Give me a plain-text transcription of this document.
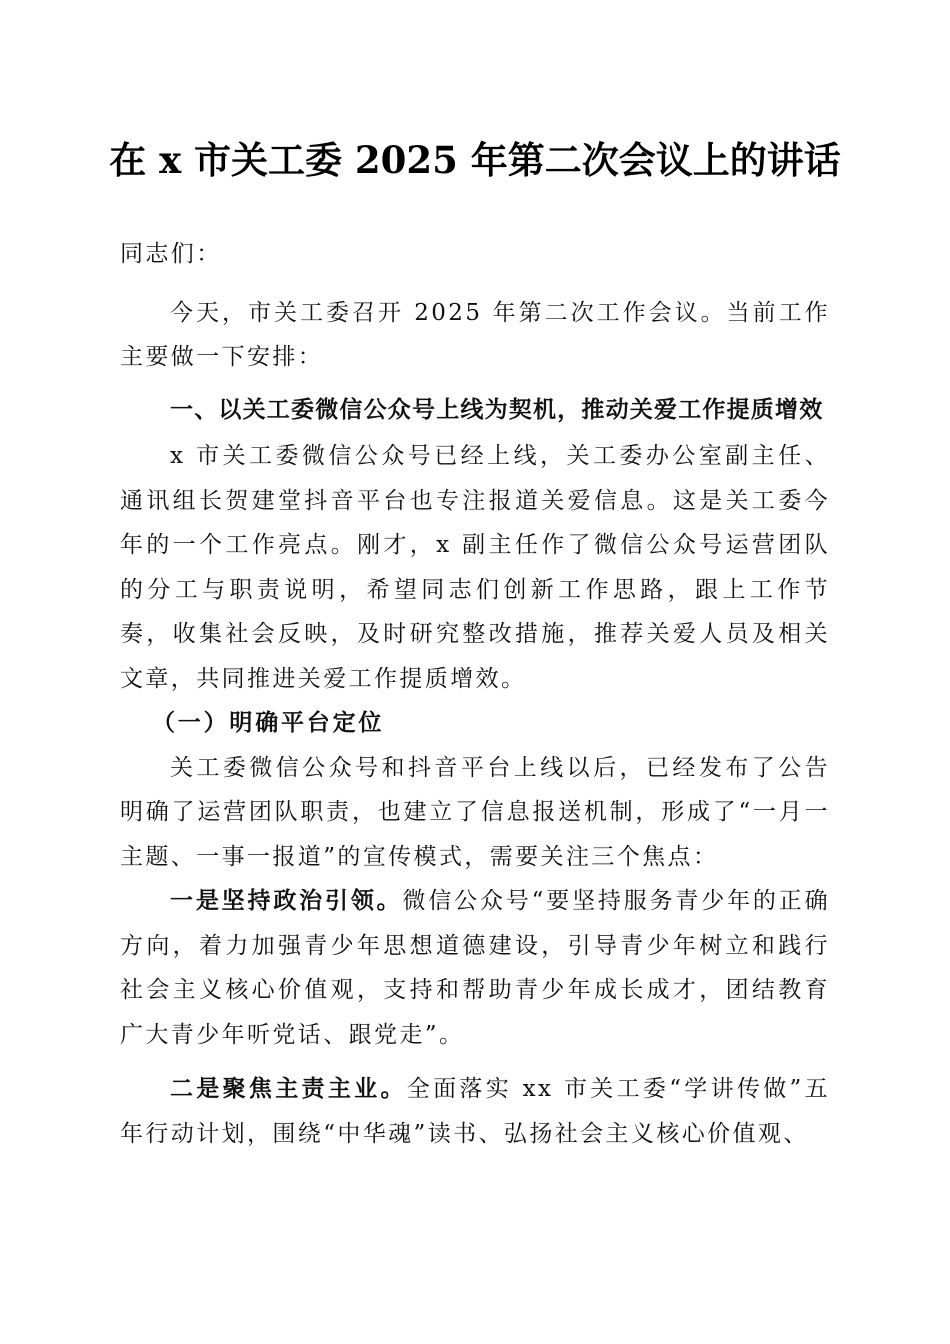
在 x 市关工委 2025 年第二次会议上的讲话

同志们：

今天，市关工委召开 2025 年第二次工作会议。当前工作主要做一下安排：

一、以关工委微信公众号上线为契机，推动关爱工作提质增效

x 市关工委微信公众号已经上线，关工委办公室副主任、通讯组长贺建堂抖音平台也专注报道关爱信息。这是关工委今年的一个工作亮点。刚才，x 副主任作了微信公众号运营团队的分工与职责说明，希望同志们创新工作思路，跟上工作节奏，收集社会反映，及时研究整改措施，推荐关爱人员及相关文章，共同推进关爱工作提质增效。

（一）明确平台定位

关工委微信公众号和抖音平台上线以后，已经发布了公告明确了运营团队职责，也建立了信息报送机制，形成了“一月一主题、一事一报道”的宣传模式，需要关注三个焦点：

一是坚持政治引领。微信公众号“要坚持服务青少年的正确方向，着力加强青少年思想道德建设，引导青少年树立和践行社会主义核心价值观，支持和帮助青少年成长成才，团结教育广大青少年听党话、跟党走”。

二是聚焦主责主业。全面落实 xx 市关工委“学讲传做”五年行动计划，围绕“中华魂”读书、弘扬社会主义核心价值观、
